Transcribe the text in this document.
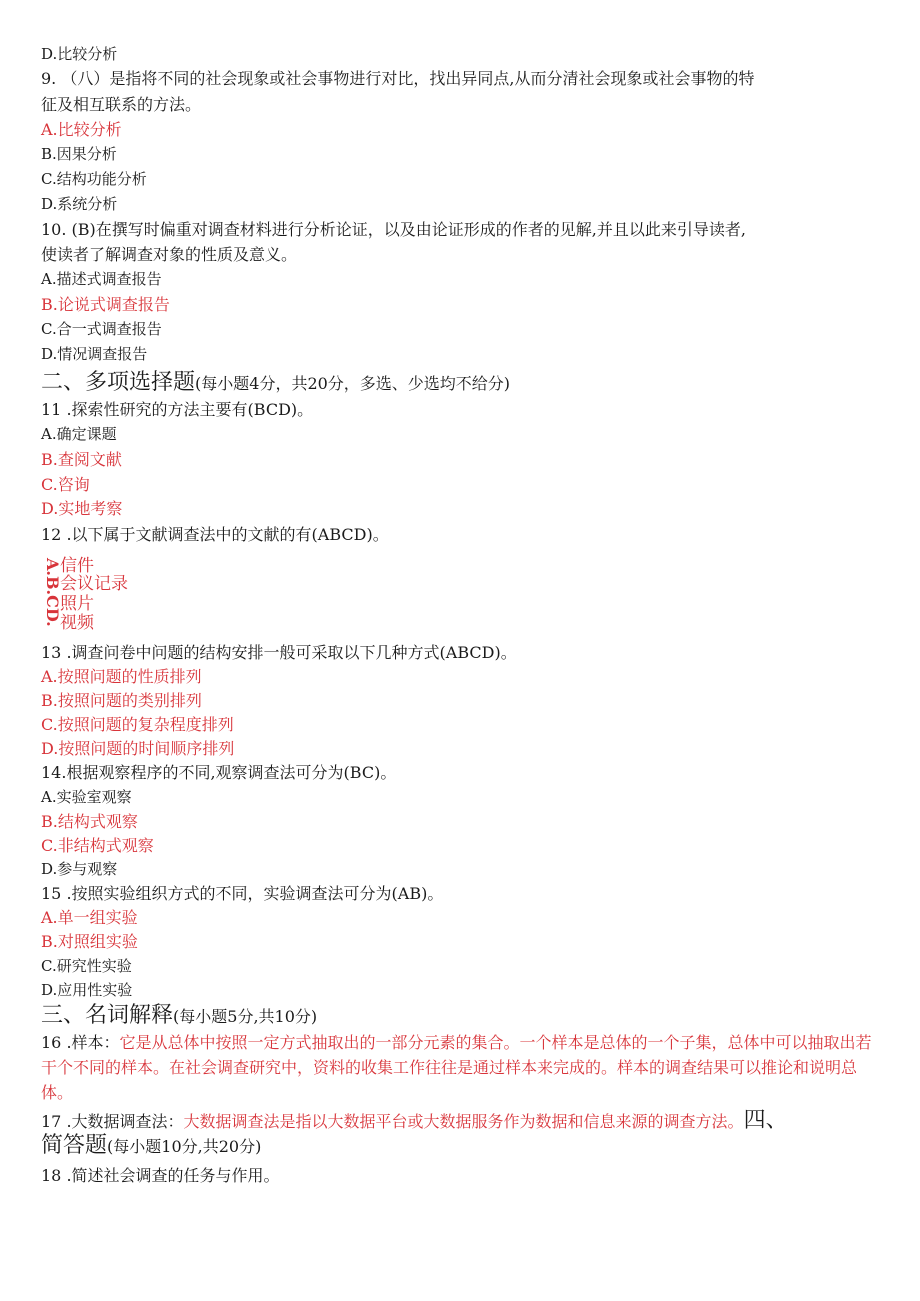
D.比较分析
9. （八）是指将不同的社会现象或社会事物进行对比，找出异同点,从而分清社会现象或社会事物的特
征及相互联系的方法。
A.比较分析
B.因果分析
C.结构功能分析
D.系统分析
10. (B)在撰写时偏重对调查材料进行分析论证，以及由论证形成的作者的见解,并且以此来引导读者,
使读者了解调查对象的性质及意义。
A.描述式调查报告
B.论说式调查报告
C.合一式调查报告
D.情况调查报告
二、多项选择题(每小题4分，共20分，多选、少选均不给分)
11 .探索性研究的方法主要有(BCD)。
A.确定课题
B.查阅文献
C.咨询
D.实地考察
12 .以下属于文献调查法中的文献的有(ABCD)。
A.B.CD.
信件
会议记录
照片
视频
13 .调查问卷中问题的结构安排一般可采取以下几种方式(ABCD)。
A.按照问题的性质排列
B.按照问题的类别排列
C.按照问题的复杂程度排列
D.按照问题的时间顺序排列
14.根据观察程序的不同,观察调查法可分为(BC)。
A.实验室观察
B.结构式观察
C.非结构式观察
D.参与观察
15 .按照实验组织方式的不同，实验调查法可分为(AB)。
A.单一组实验
B.对照组实验
C.研究性实验
D.应用性实验
三、名词解释(每小题5分,共10分)
16 .样本：它是从总体中按照一定方式抽取出的一部分元素的集合。一个样本是总体的一个子集，总体中可以抽取出若干个不同的样本。在社会调查研究中，资料的收集工作往往是通过样本来完成的。样本的调查结果可以推论和说明总体。
17 .大数据调查法：大数据调查法是指以大数据平台或大数据服务作为数据和信息来源的调查方法。四、
简答题(每小题10分,共20分)
18 .简述社会调查的任务与作用。
